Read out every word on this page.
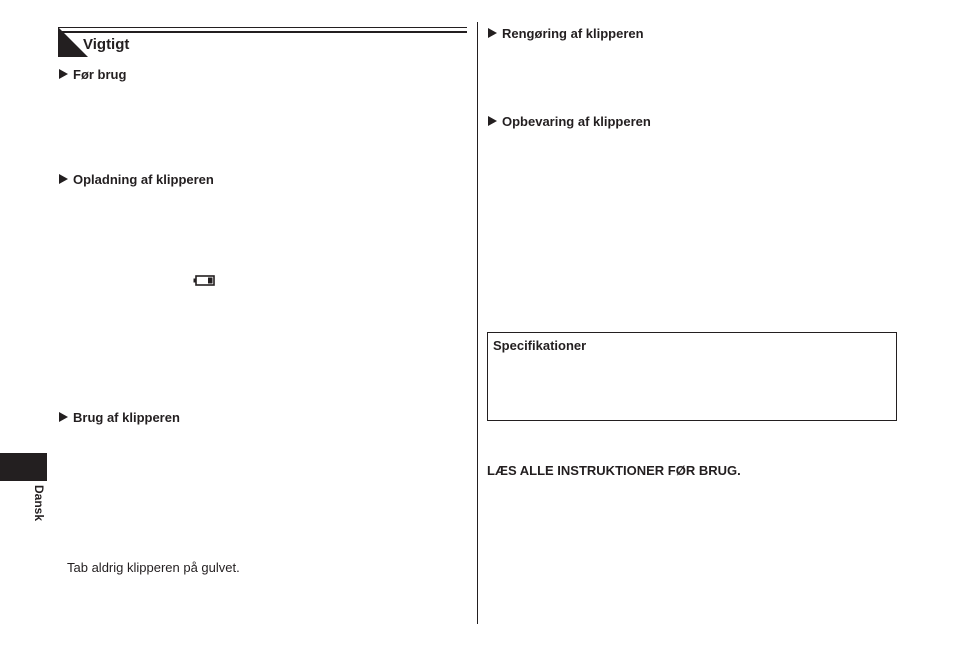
Vigtigt
Før brug
Opladning af klipperen
Brug af klipperen
Tab aldrig klipperen på gulvet.
Dansk
Rengøring af klipperen
Opbevaring af klipperen
Specifikationer
LÆS ALLE INSTRUKTIONER FØR BRUG.
